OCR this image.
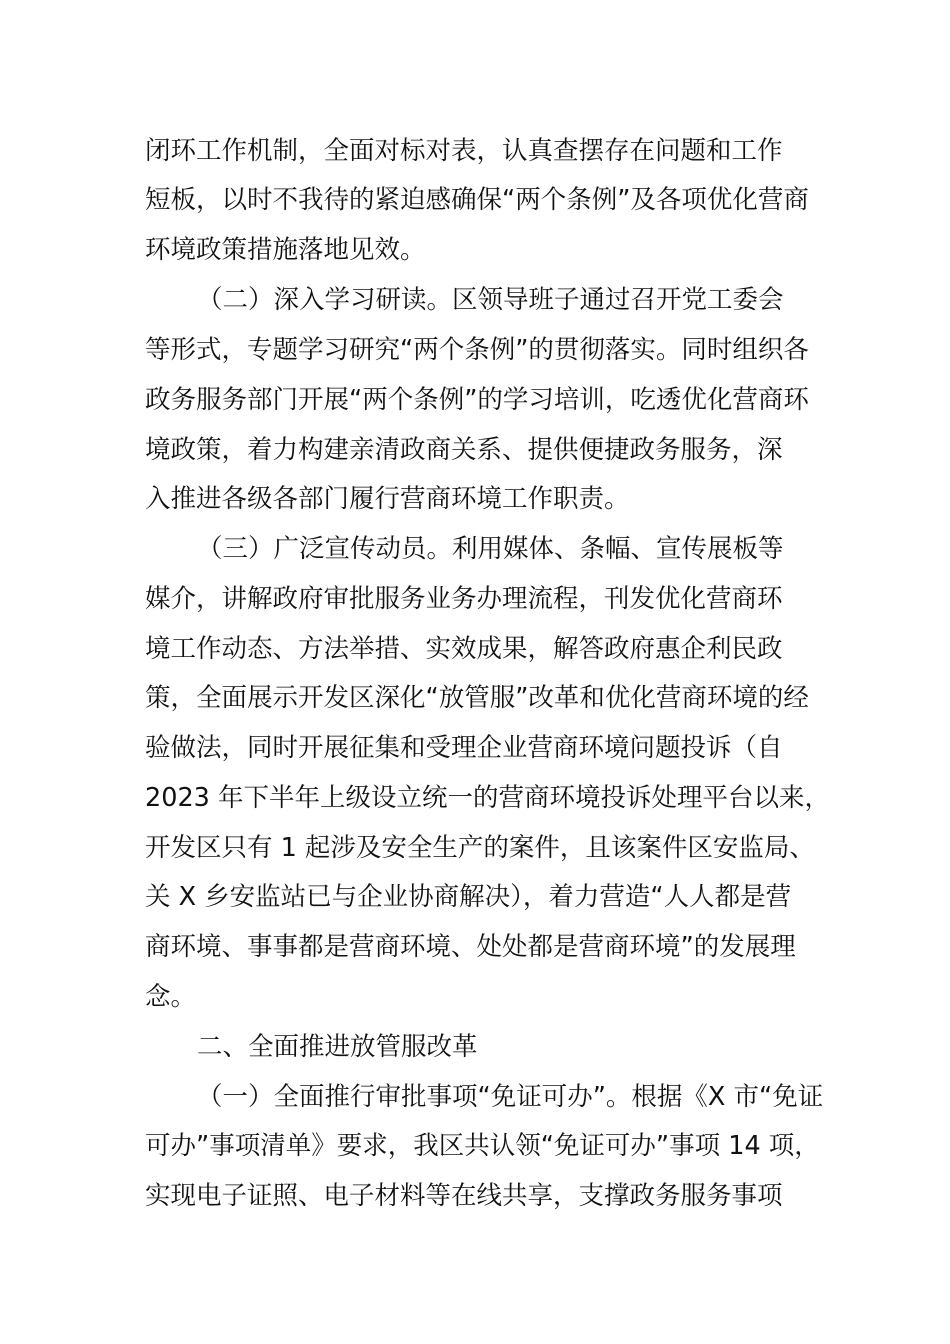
闭环工作机制，全面对标对表，认真查摆存在问题和工作
短板，以时不我待的紧迫感确保“两个条例”及各项优化营商
环境政策措施落地见效。
（二）深入学习研读。区领导班子通过召开党工委会
等形式，专题学习研究“两个条例”的贯彻落实。同时组织各
政务服务部门开展“两个条例”的学习培训，吃透优化营商环
境政策，着力构建亲清政商关系、提供便捷政务服务，深
入推进各级各部门履行营商环境工作职责。
（三）广泛宣传动员。利用媒体、条幅、宣传展板等
媒介，讲解政府审批服务业务办理流程，刊发优化营商环
境工作动态、方法举措、实效成果，解答政府惠企利民政
策，全面展示开发区深化“放管服”改革和优化营商环境的经
验做法，同时开展征集和受理企业营商环境问题投诉（自
2023 年下半年上级设立统一的营商环境投诉处理平台以来，
开发区只有 1 起涉及安全生产的案件，且该案件区安监局、
关 X 乡安监站已与企业协商解决），着力营造“人人都是营
商环境、事事都是营商环境、处处都是营商环境”的发展理
念。
二、全面推进放管服改革
（一）全面推行审批事项“免证可办”。根据《X 市“免证
可办”事项清单》要求，我区共认领“免证可办”事项 14 项，
实现电子证照、电子材料等在线共享，支撑政务服务事项
